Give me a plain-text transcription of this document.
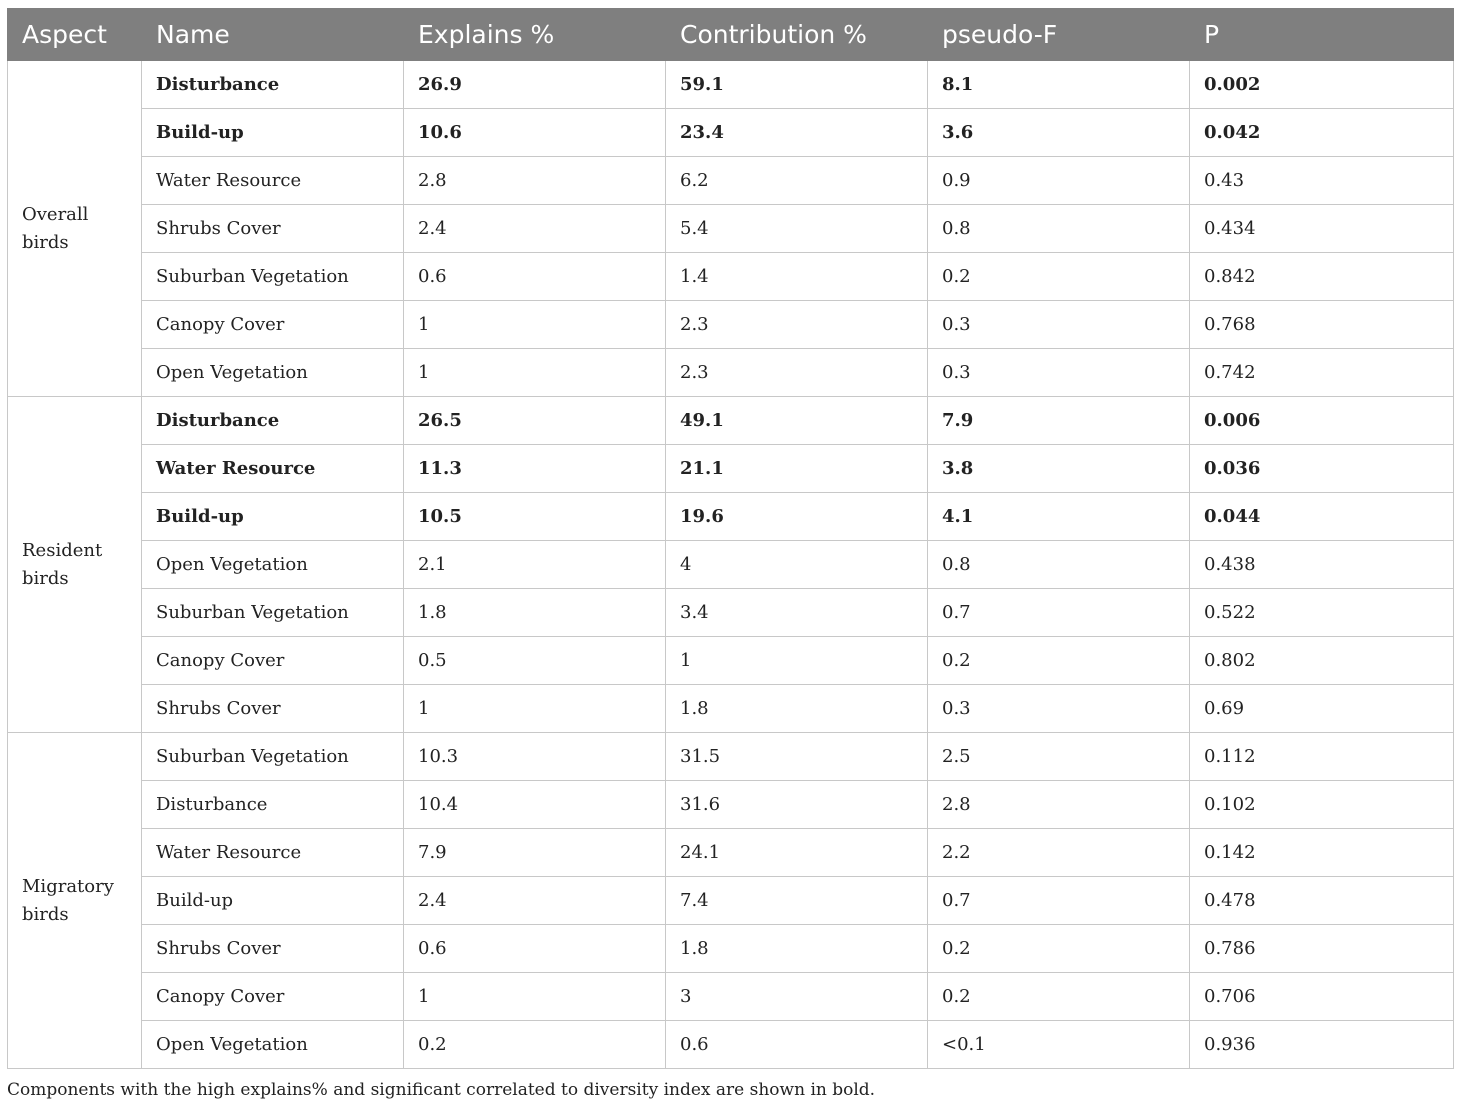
Aspect	Name	Explains %	Contribution %	pseudo-F	P
Overall birds	Disturbance	26.9	59.1	8.1	0.002
	Build-up	10.6	23.4	3.6	0.042
	Water Resource	2.8	6.2	0.9	0.43
	Shrubs Cover	2.4	5.4	0.8	0.434
	Suburban Vegetation	0.6	1.4	0.2	0.842
	Canopy Cover	1	2.3	0.3	0.768
	Open Vegetation	1	2.3	0.3	0.742
Resident birds	Disturbance	26.5	49.1	7.9	0.006
	Water Resource	11.3	21.1	3.8	0.036
	Build-up	10.5	19.6	4.1	0.044
	Open Vegetation	2.1	4	0.8	0.438
	Suburban Vegetation	1.8	3.4	0.7	0.522
	Canopy Cover	0.5	1	0.2	0.802
	Shrubs Cover	1	1.8	0.3	0.69
Migratory birds	Suburban Vegetation	10.3	31.5	2.5	0.112
	Disturbance	10.4	31.6	2.8	0.102
	Water Resource	7.9	24.1	2.2	0.142
	Build-up	2.4	7.4	0.7	0.478
	Shrubs Cover	0.6	1.8	0.2	0.786
	Canopy Cover	1	3	0.2	0.706
	Open Vegetation	0.2	0.6	<0.1	0.936
Components with the high explains% and significant correlated to diversity index are shown in bold.
